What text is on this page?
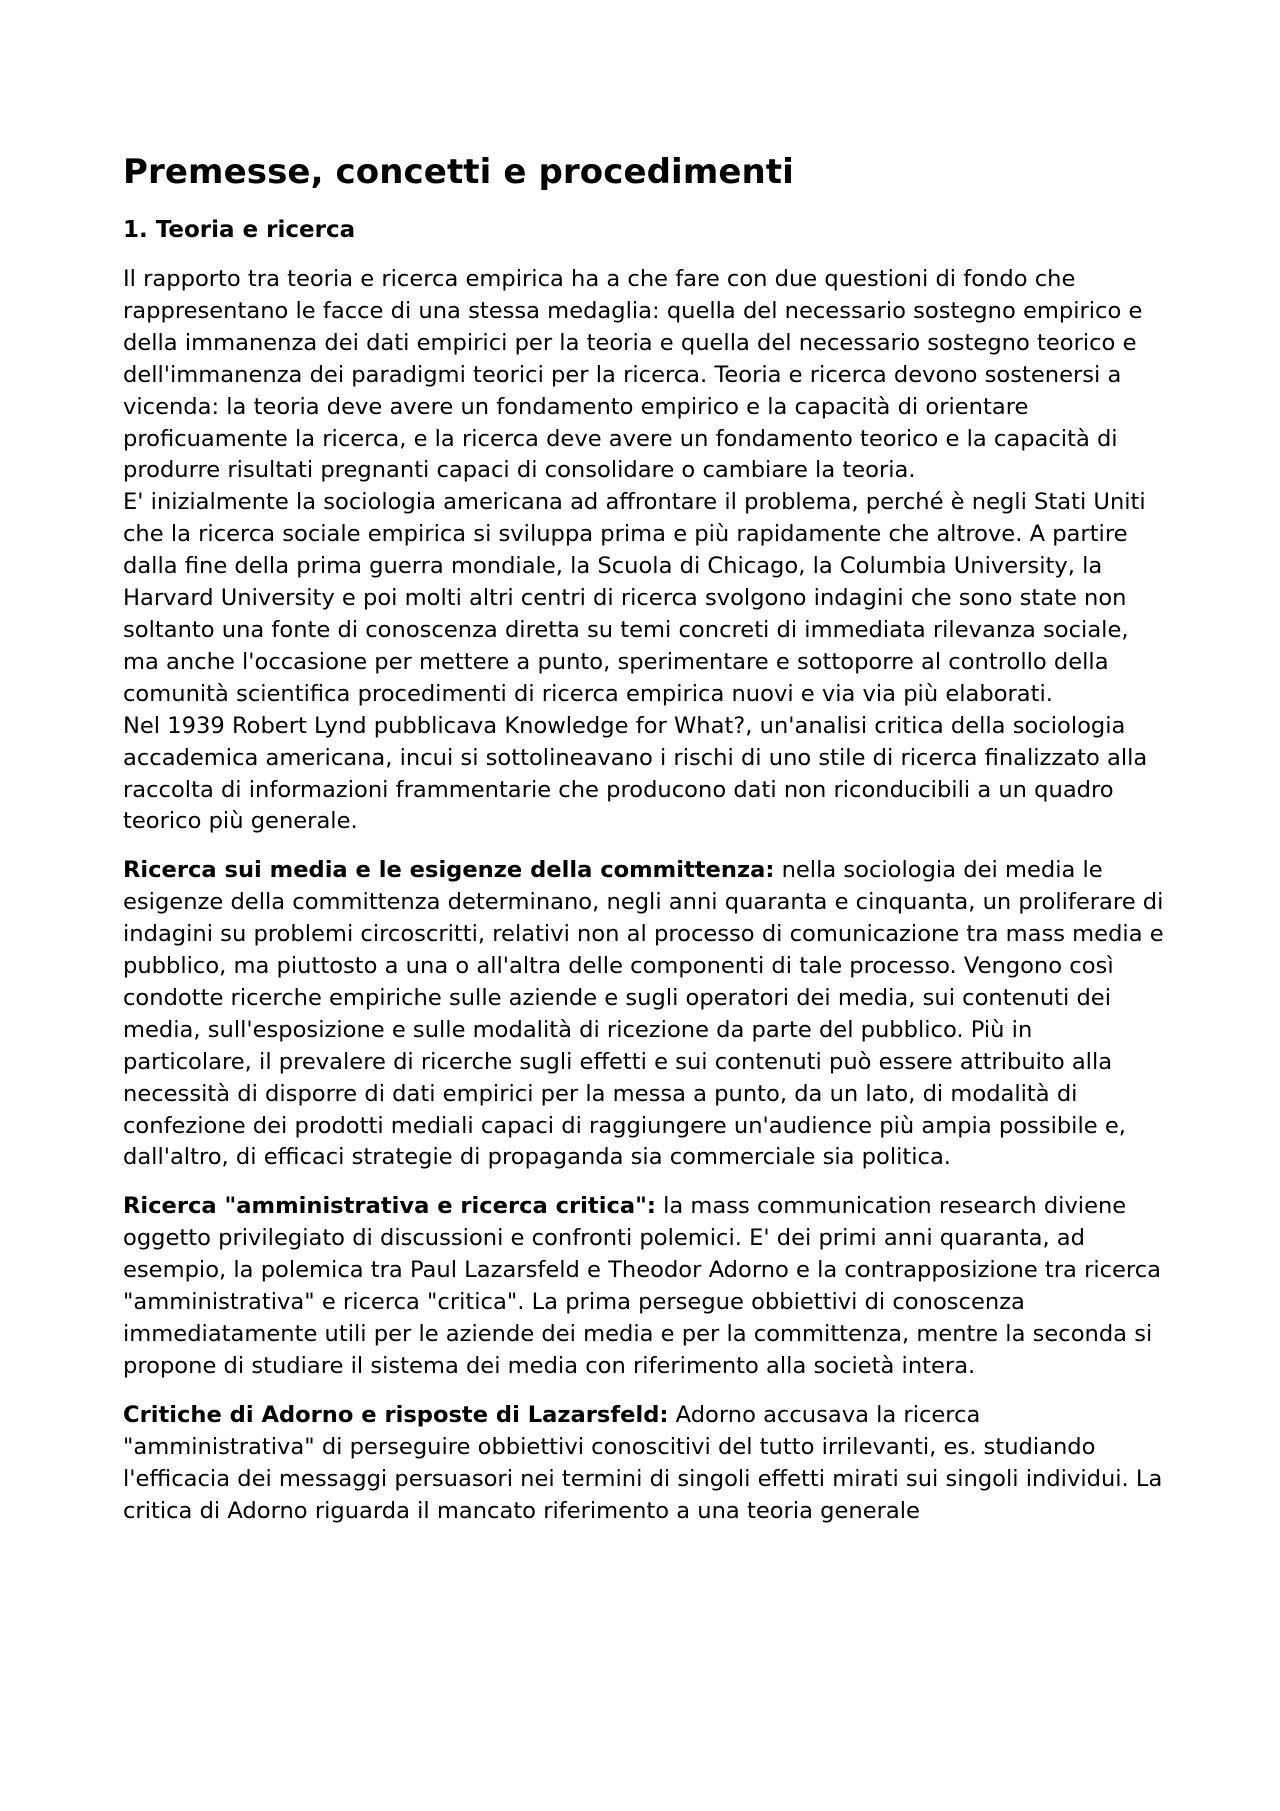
Premesse, concetti e procedimenti
1. Teoria e ricerca

Il rapporto tra teoria e ricerca empirica ha a che fare con due questioni di fondo che rappresentano le facce di una stessa medaglia: quella del necessario sostegno empirico e della immanenza dei dati empirici per la teoria e quella del necessario sostegno teorico e dell'immanenza dei paradigmi teorici per la ricerca. Teoria e ricerca devono sostenersi a vicenda: la teoria deve avere un fondamento empirico e la capacità di orientare proficuamente la ricerca, e la ricerca deve avere un fondamento teorico e la capacità di produrre risultati pregnanti capaci di consolidare o cambiare la teoria.

E' inizialmente la sociologia americana ad affrontare il problema, perché è negli Stati Uniti che la ricerca sociale empirica si sviluppa prima e più rapidamente che altrove. A partire dalla fine della prima guerra mondiale, la Scuola di Chicago, la Columbia University, la Harvard University e poi molti altri centri di ricerca svolgono indagini che sono state non soltanto una fonte di conoscenza diretta su temi concreti di immediata rilevanza sociale, ma anche l'occasione per mettere a punto, sperimentare e sottoporre al controllo della comunità scientifica procedimenti di ricerca empirica nuovi e via via più elaborati.

Nel 1939 Robert Lynd pubblicava Knowledge for What?, un'analisi critica della sociologia accademica americana, incui si sottolineavano i rischi di uno stile di ricerca finalizzato alla raccolta di informazioni frammentarie che producono dati non riconducibili a un quadro teorico più generale.

Ricerca sui media e le esigenze della committenza: nella sociologia dei media le esigenze della committenza determinano, negli anni quaranta e cinquanta, un proliferare di indagini su problemi circoscritti, relativi non al processo di comunicazione tra mass media e pubblico, ma piuttosto a una o all'altra delle componenti di tale processo. Vengono così condotte ricerche empiriche sulle aziende e sugli operatori dei media, sui contenuti dei media, sull'esposizione e sulle modalità di ricezione da parte del pubblico. Più in particolare, il prevalere di ricerche sugli effetti e sui contenuti può essere attribuito alla necessità di disporre di dati empirici per la messa a punto, da un lato, di modalità di confezione dei prodotti mediali capaci di raggiungere un'audience più ampia possibile e, dall'altro, di efficaci strategie di propaganda sia commerciale sia politica.

Ricerca "amministrativa e ricerca critica": la mass communication research diviene oggetto privilegiato di discussioni e confronti polemici. E' dei primi anni quaranta, ad esempio, la polemica tra Paul Lazarsfeld e Theodor Adorno e la contrapposizione tra ricerca "amministrativa" e ricerca "critica". La prima persegue obbiettivi di conoscenza immediatamente utili per le aziende dei media e per la committenza, mentre la seconda si propone di studiare il sistema dei media con riferimento alla società intera.

Critiche di Adorno e risposte di Lazarsfeld: Adorno accusava la ricerca "amministrativa" di perseguire obbiettivi conoscitivi del tutto irrilevanti, es. studiando l'efficacia dei messaggi persuasori nei termini di singoli effetti mirati sui singoli individui. La critica di Adorno riguarda il mancato riferimento a una teoria generale
